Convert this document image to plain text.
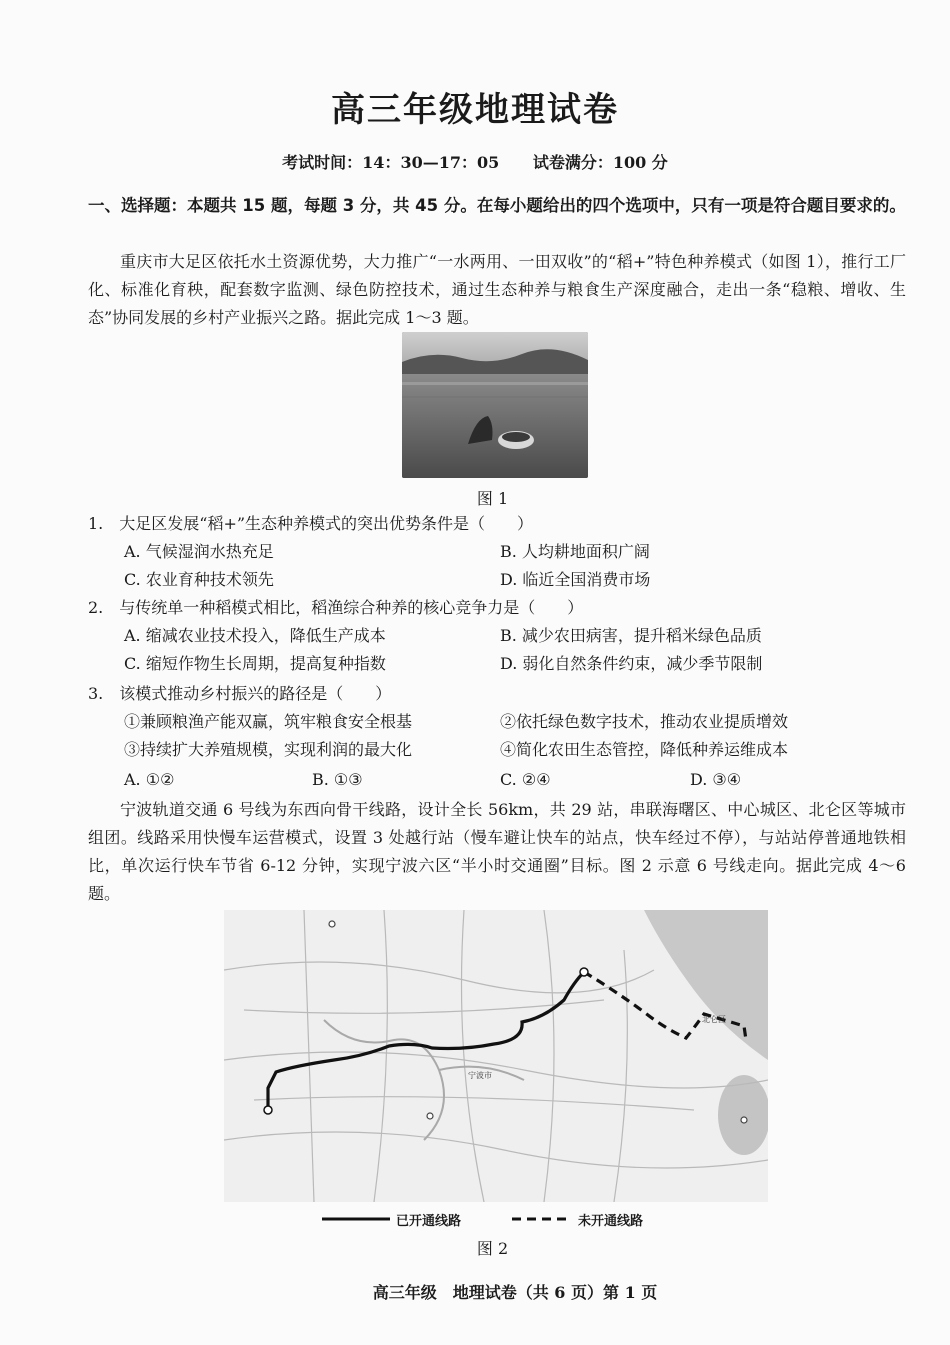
高三年级地理试卷
考试时间：14：30—17：05 试卷满分：100 分
一、选择题：本题共 15 题，每题 3 分，共 45 分。在每小题给出的四个选项中，只有一项是符合题目要求的。
重庆市大足区依托水土资源优势，大力推广“一水两用、一田双收”的“稻+”特色种养模式（如图 1），推行工厂化、标准化育秧，配套数字监测、绿色防控技术，通过生态种养与粮食生产深度融合，走出一条“稳粮、增收、生态”协同发展的乡村产业振兴之路。据此完成 1～3 题。
图 1
1.　大足区发展“稻+”生态种养模式的突出优势条件是（　　）
A. 气候湿润水热充足	B. 人均耕地面积广阔
C. 农业育种技术领先	D. 临近全国消费市场
2.　与传统单一种稻模式相比，稻渔综合种养的核心竞争力是（　　）
A. 缩减农业技术投入，降低生产成本	B. 减少农田病害，提升稻米绿色品质
C. 缩短作物生长周期，提高复种指数	D. 弱化自然条件约束，减少季节限制
3.　该模式推动乡村振兴的路径是（　　）
①兼顾粮渔产能双赢，筑牢粮食安全根基	②依托绿色数字技术，推动农业提质增效
③持续扩大养殖规模，实现利润的最大化	④简化农田生态管控，降低种养运维成本
A. ①②	B. ①③	C. ②④	D. ③④
宁波轨道交通 6 号线为东西向骨干线路，设计全长 56km，共 29 站，串联海曙区、中心城区、北仑区等城市组团。线路采用快慢车运营模式，设置 3 处越行站（慢车避让快车的站点，快车经过不停），与站站停普通地铁相比，单次运行快车节省 6-12 分钟，实现宁波六区“半小时交通圈”目标。图 2 示意 6 号线走向。据此完成 4～6 题。
宁波市
北仑区
已开通线路	未开通线路
图 2
高三年级　地理试卷（共 6 页）第 1 页
